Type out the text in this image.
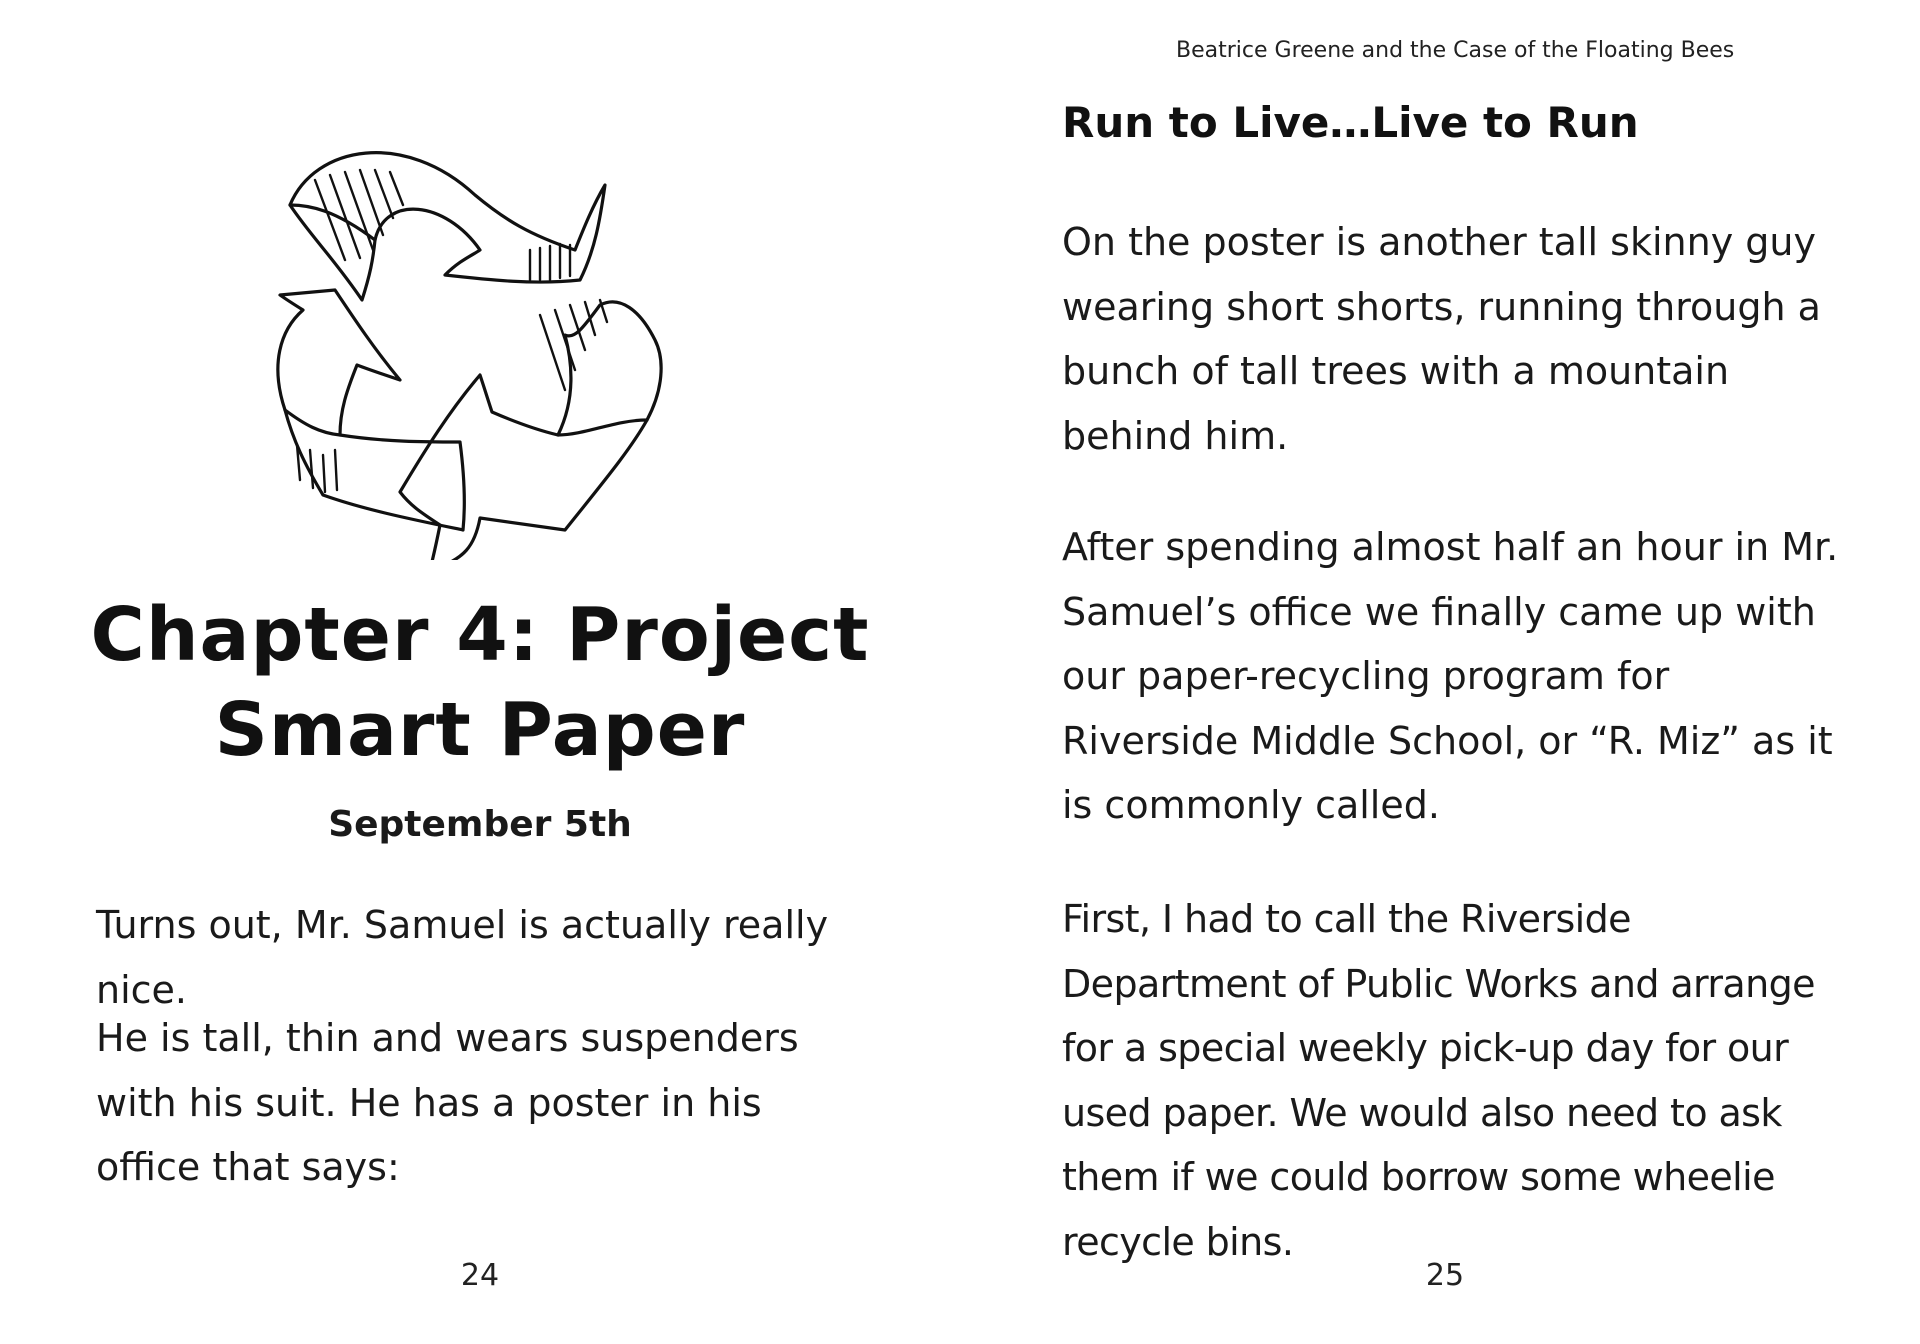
Chapter 4: Project
Smart Paper
September 5th
Turns out, Mr. Samuel is actually really nice.
He is tall, thin and wears suspenders with his suit. He has a poster in his office that says:
24
Beatrice Greene and the Case of the Floating Bees
Run to Live…Live to Run
On the poster is another tall skinny guy wearing short shorts, running through a bunch of tall trees with a mountain behind him.
After spending almost half an hour in Mr. Samuel’s office we finally came up with our paper-recycling program for Riverside Middle School, or “R. Miz” as it is commonly called.
First, I had to call the Riverside Department of Public Works and arrange for a special weekly pick-up day for our used paper. We would also need to ask them if we could borrow some wheelie recycle bins.
25
